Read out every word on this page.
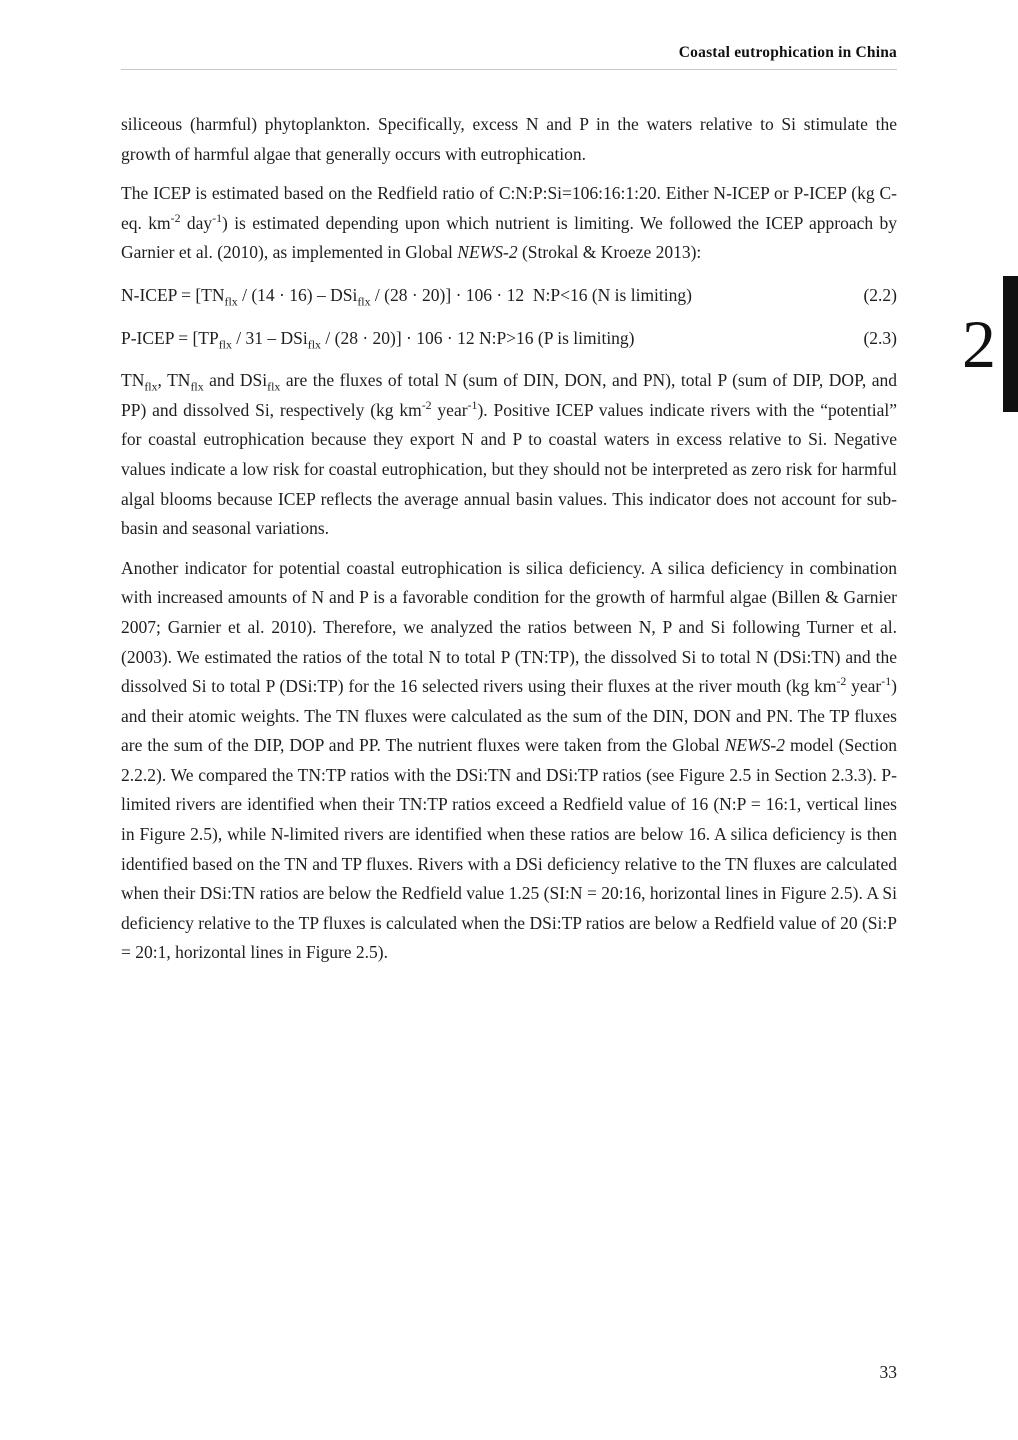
Coastal eutrophication in China

siliceous (harmful) phytoplankton. Specifically, excess N and P in the waters relative to Si stimulate the growth of harmful algae that generally occurs with eutrophication.

The ICEP is estimated based on the Redfield ratio of C:N:P:Si=106:16:1:20. Either N-ICEP or P-ICEP (kg C-eq. $km^{-2}$ day$^{-1}$) is estimated depending upon which nutrient is limiting. We followed the ICEP approach by Garnier et al. (2010), as implemented in Global NEWS-2 (Strokal & Kroeze 2013):

N-ICEP = $[TN_{flx} / (14 \cdot 16) - DSi_{flx} / (28 \cdot 20)] \cdot 106 \cdot 12$  N:P<16 (N is limiting)	(2.2)
P-ICEP = $[TP_{flx} / 31 - DSi_{flx} / (28 \cdot 20)] \cdot 106 \cdot 12$ N:P>16 (P is limiting)	(2.3)

$TN_{flx}$, $TN_{flx}$ and DSi$_{flx}$ are the fluxes of total N (sum of DIN, DON, and PN), total P (sum of DIP, DOP, and PP) and dissolved Si, respectively (kg $km^{-2}$ year$^{-1}$). Positive ICEP values indicate rivers with the “potential” for coastal eutrophication because they export N and P to coastal waters in excess relative to Si. Negative values indicate a low risk for coastal eutrophication, but they should not be interpreted as zero risk for harmful algal blooms because ICEP reflects the average annual basin values. This indicator does not account for sub-basin and seasonal variations.

Another indicator for potential coastal eutrophication is silica deficiency. A silica deficiency in combination with increased amounts of N and P is a favorable condition for the growth of harmful algae (Billen & Garnier 2007; Garnier et al. 2010). Therefore, we analyzed the ratios between N, P and Si following Turner et al. (2003). We estimated the ratios of the total N to total P (TN:TP), the dissolved Si to total N (DSi:TN) and the dissolved Si to total P (DSi:TP) for the 16 selected rivers using their fluxes at the river mouth (kg $km^{-2}$ year$^{-1}$) and their atomic weights. The TN fluxes were calculated as the sum of the DIN, DON and PN. The TP fluxes are the sum of the DIP, DOP and PP. The nutrient fluxes were taken from the Global NEWS-2 model (Section 2.2.2). We compared the TN:TP ratios with the DSi:TN and DSi:TP ratios (see Figure 2.5 in Section 2.3.3). P-limited rivers are identified when their TN:TP ratios exceed a Redfield value of 16 (N:P = 16:1, vertical lines in Figure 2.5), while N-limited rivers are identified when these ratios are below 16. A silica deficiency is then identified based on the TN and TP fluxes. Rivers with a DSi deficiency relative to the TN fluxes are calculated when their DSi:TN ratios are below the Redfield value 1.25 (SI:N = 20:16, horizontal lines in Figure 2.5). A Si deficiency relative to the TP fluxes is calculated when the DSi:TP ratios are below a Redfield value of 20 (Si:P = 20:1, horizontal lines in Figure 2.5).

2
33
